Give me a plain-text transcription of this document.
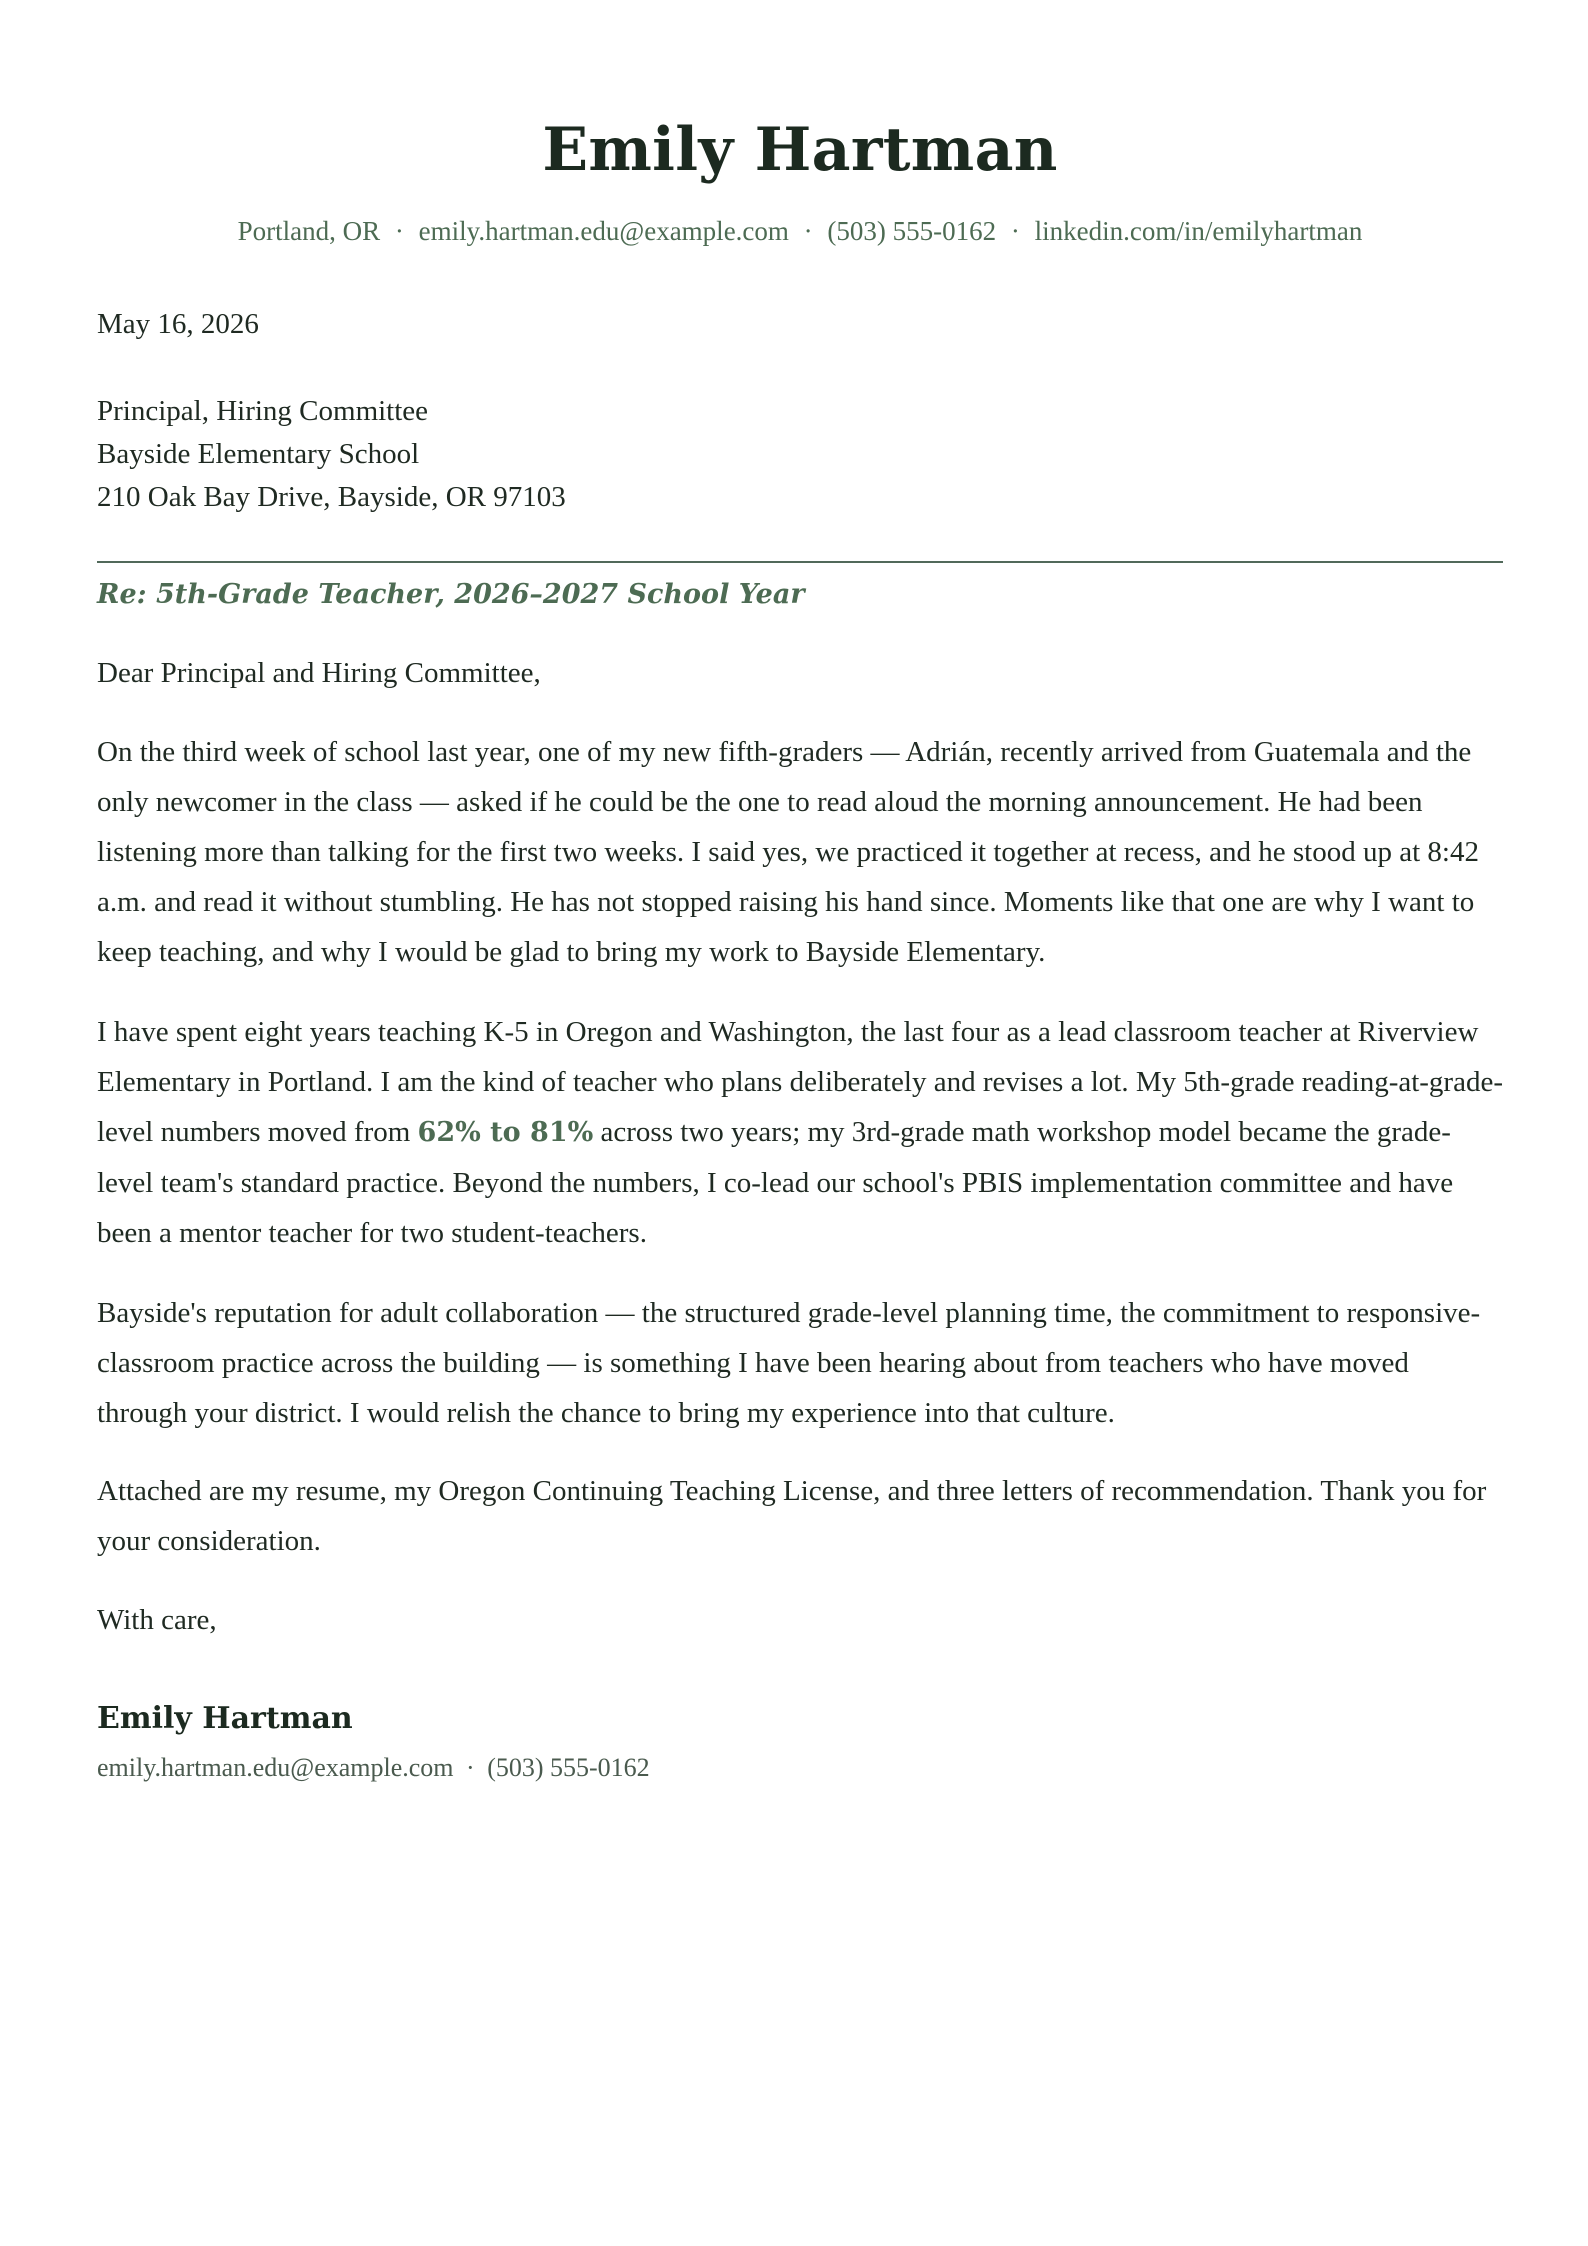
Emily Hartman
Portland, OR · emily.hartman.edu@example.com · (503) 555-0162 · linkedin.com/in/emilyhartman
May 16, 2026
Principal, Hiring Committee
Bayside Elementary School
210 Oak Bay Drive, Bayside, OR 97103
Re: 5th-Grade Teacher, 2026–2027 School Year
Dear Principal and Hiring Committee,

On the third week of school last year, one of my new fifth-graders — Adrián, recently arrived from Guatemala and the only newcomer in the class — asked if he could be the one to read aloud the morning announcement. He had been listening more than talking for the first two weeks. I said yes, we practiced it together at recess, and he stood up at 8:42 a.m. and read it without stumbling. He has not stopped raising his hand since. Moments like that one are why I want to keep teaching, and why I would be glad to bring my work to Bayside Elementary.

I have spent eight years teaching K-5 in Oregon and Washington, the last four as a lead classroom teacher at Riverview Elementary in Portland. I am the kind of teacher who plans deliberately and revises a lot. My 5th-grade reading-at-grade-level numbers moved from 62% to 81% across two years; my 3rd-grade math workshop model became the grade-level team's standard practice. Beyond the numbers, I co-lead our school's PBIS implementation committee and have been a mentor teacher for two student-teachers.

Bayside's reputation for adult collaboration — the structured grade-level planning time, the commitment to responsive-classroom practice across the building — is something I have been hearing about from teachers who have moved through your district. I would relish the chance to bring my experience into that culture.

Attached are my resume, my Oregon Continuing Teaching License, and three letters of recommendation. Thank you for your consideration.

With care,
Emily Hartman
emily.hartman.edu@example.com · (503) 555-0162
